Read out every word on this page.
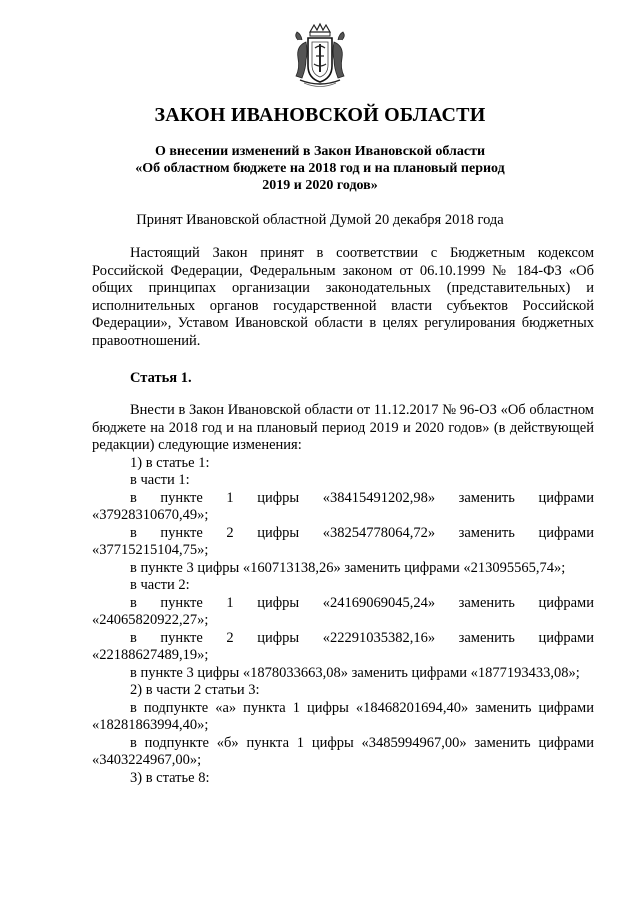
ЗАКОН ИВАНОВСКОЙ ОБЛАСТИ
О внесении изменений в Закон Ивановской области
«Об областном бюджете на 2018 год и на плановый период
2019 и 2020 годов»
Принят Ивановской областной Думой 20 декабря 2018 года
Настоящий Закон принят в соответствии с Бюджетным кодексом Российской Федерации, Федеральным законом от 06.10.1999 № 184-ФЗ «Об общих принципах организации законодательных (представительных) и исполнительных органов государственной власти субъектов Российской Федерации», Уставом Ивановской области в целях регулирования бюджетных правоотношений.
Статья 1.
Внести в Закон Ивановской области от 11.12.2017 № 96-ОЗ «Об областном бюджете на 2018 год и на плановый период 2019 и 2020 годов» (в действующей редакции) следующие изменения:
1) в статье 1:
в части 1:
в пункте 1 цифры «38415491202,98» заменить цифрами «37928310670,49»;
в пункте 2 цифры «38254778064,72» заменить цифрами «37715215104,75»;
в пункте 3 цифры «160713138,26» заменить цифрами «213095565,74»;
в части 2:
в пункте 1 цифры «24169069045,24» заменить цифрами «24065820922,27»;
в пункте 2 цифры «22291035382,16» заменить цифрами «22188627489,19»;
в пункте 3 цифры «1878033663,08» заменить цифрами «1877193433,08»;
2) в части 2 статьи 3:
в подпункте «а» пункта 1 цифры «18468201694,40» заменить цифрами «18281863994,40»;
в подпункте «б» пункта 1 цифры «3485994967,00» заменить цифрами «3403224967,00»;
3) в статье 8:
